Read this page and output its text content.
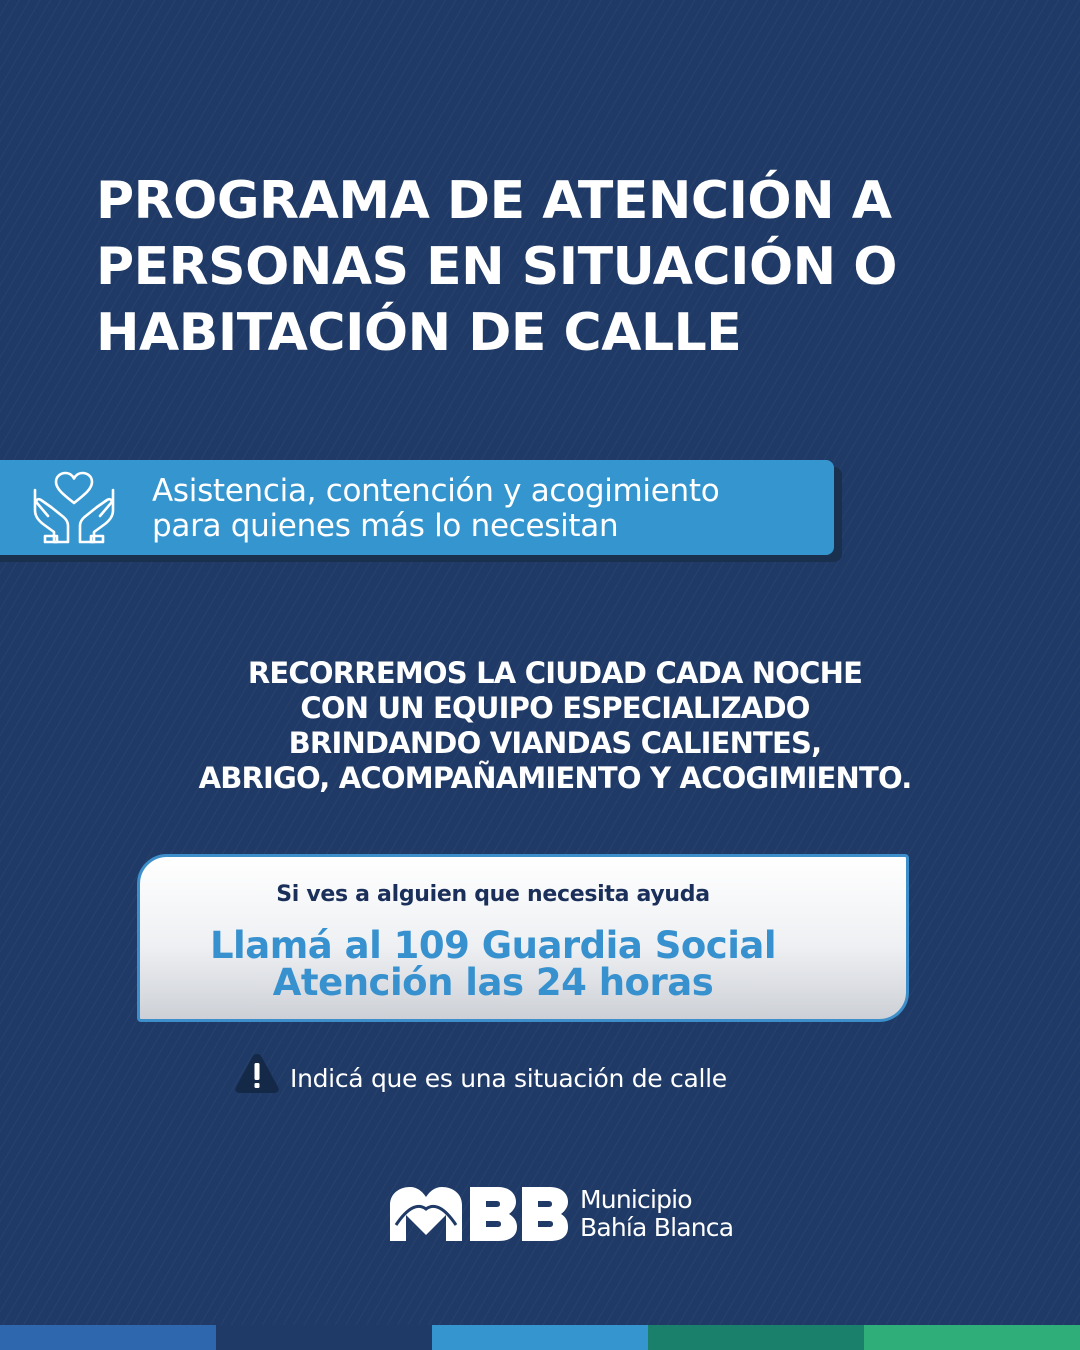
PROGRAMA DE ATENCIÓN A
PERSONAS EN SITUACIÓN O
HABITACIÓN DE CALLE
Asistencia, contención y acogimiento
para quienes más lo necesitan
RECORREMOS LA CIUDAD CADA NOCHE
CON UN EQUIPO ESPECIALIZADO
BRINDANDO VIANDAS CALIENTES,
ABRIGO, ACOMPAÑAMIENTO Y ACOGIMIENTO.
Si ves a alguien que necesita ayuda
Llamá al 109 Guardia Social
Atención las 24 horas
Indicá que es una situación de calle
Municipio
Bahía Blanca
